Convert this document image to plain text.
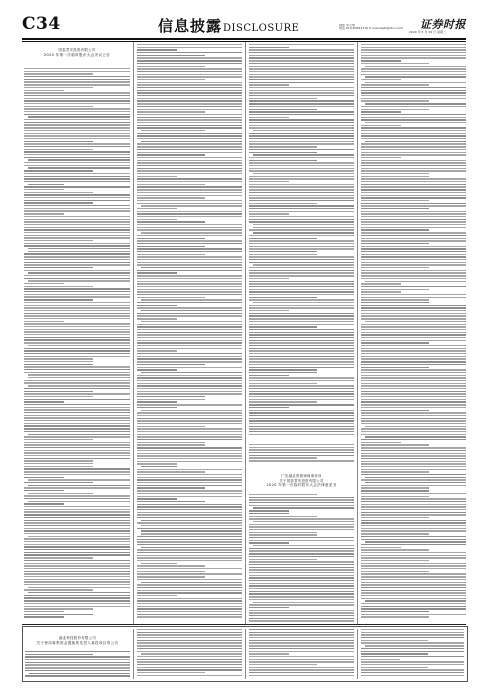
C34	信息披露DISCLOSURE	制作 李立勇
电话:010-83251716 E-mail:zqsb@stcn.com
2020 年 5 月 19 日 星期二
证券时报
国泰君安投资有限公司
2020 年第一次临时股东大会决议公告
广东融业资源律师事务所
关于国泰君安投资有限公司
2020 年第一次临时股东大会法律意见书
融业科技股份有限公司
关于使用募集资金置换预先投入募投项目的公告
